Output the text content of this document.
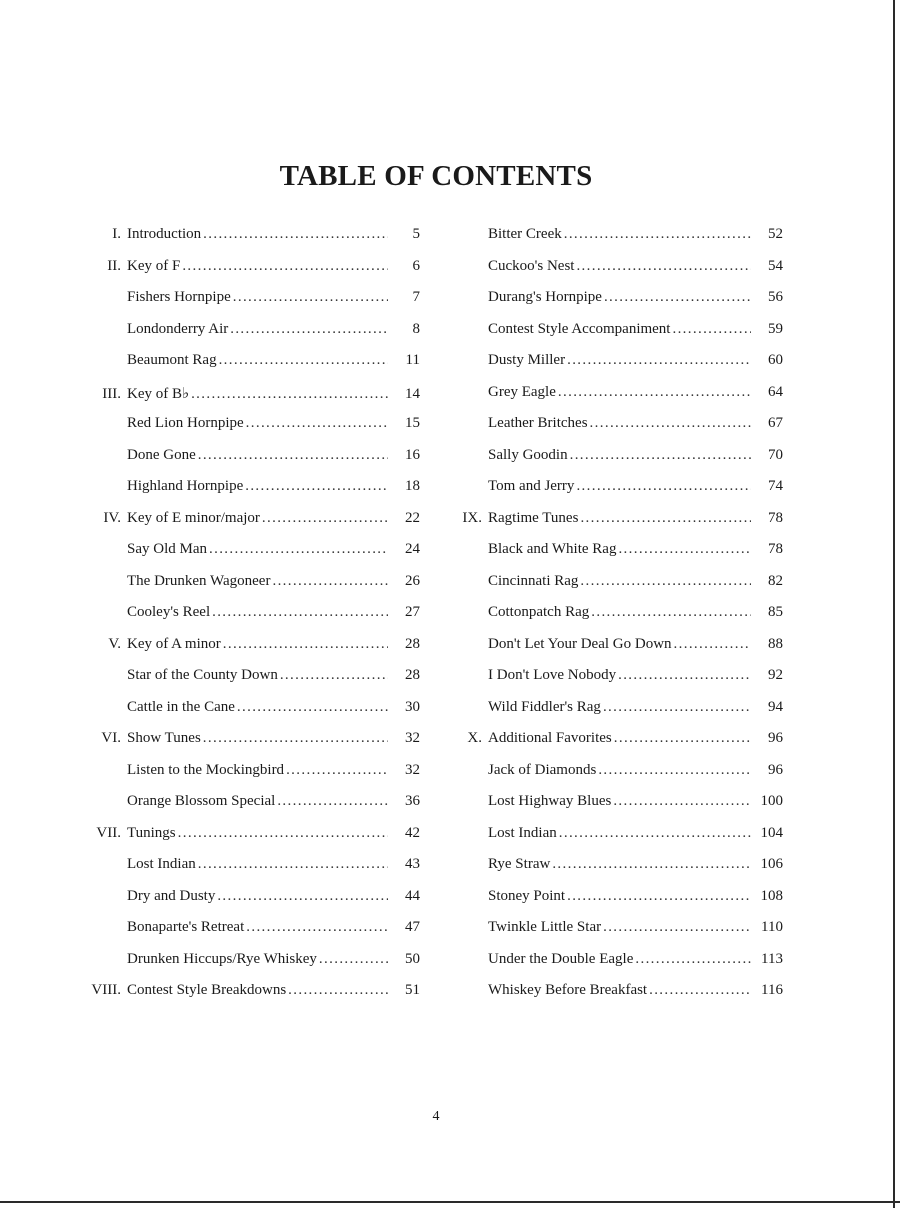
TABLE OF CONTENTS
I. Introduction . . .	5
II. Key of F . . .	6
Fishers Hornpipe . . .	7
Londonderry Air . . .	8
Beaumont Rag . . .	11
III. Key of B♭ . . .	14
Red Lion Hornpipe . . .	15
Done Gone . . .	16
Highland Hornpipe . . .	18
IV. Key of E minor/major . . .	22
Say Old Man . . .	24
The Drunken Wagoneer . . .	26
Cooley's Reel . . .	27
V. Key of A minor . . .	28
Star of the County Down . . .	28
Cattle in the Cane . . .	30
VI. Show Tunes . . .	32
Listen to the Mockingbird . . .	32
Orange Blossom Special . . .	36
VII. Tunings . . .	42
Lost Indian . . .	43
Dry and Dusty . . .	44
Bonaparte's Retreat . . .	47
Drunken Hiccups/Rye Whiskey . . .	50
VIII. Contest Style Breakdowns . . .	51
Bitter Creek . . .	52
Cuckoo's Nest . . .	54
Durang's Hornpipe . . .	56
Contest Style Accompaniment . . .	59
Dusty Miller . . .	60
Grey Eagle . . .	64
Leather Britches . . .	67
Sally Goodin . . .	70
Tom and Jerry . . .	74
IX. Ragtime Tunes . . .	78
Black and White Rag . . .	78
Cincinnati Rag . . .	82
Cottonpatch Rag . . .	85
Don't Let Your Deal Go Down . . .	88
I Don't Love Nobody . . .	92
Wild Fiddler's Rag . . .	94
X. Additional Favorites . . .	96
Jack of Diamonds . . .	96
Lost Highway Blues . . .	100
Lost Indian . . .	104
Rye Straw . . .	106
Stoney Point . . .	108
Twinkle Little Star . . .	110
Under the Double Eagle . . .	113
Whiskey Before Breakfast . . .	116
4
